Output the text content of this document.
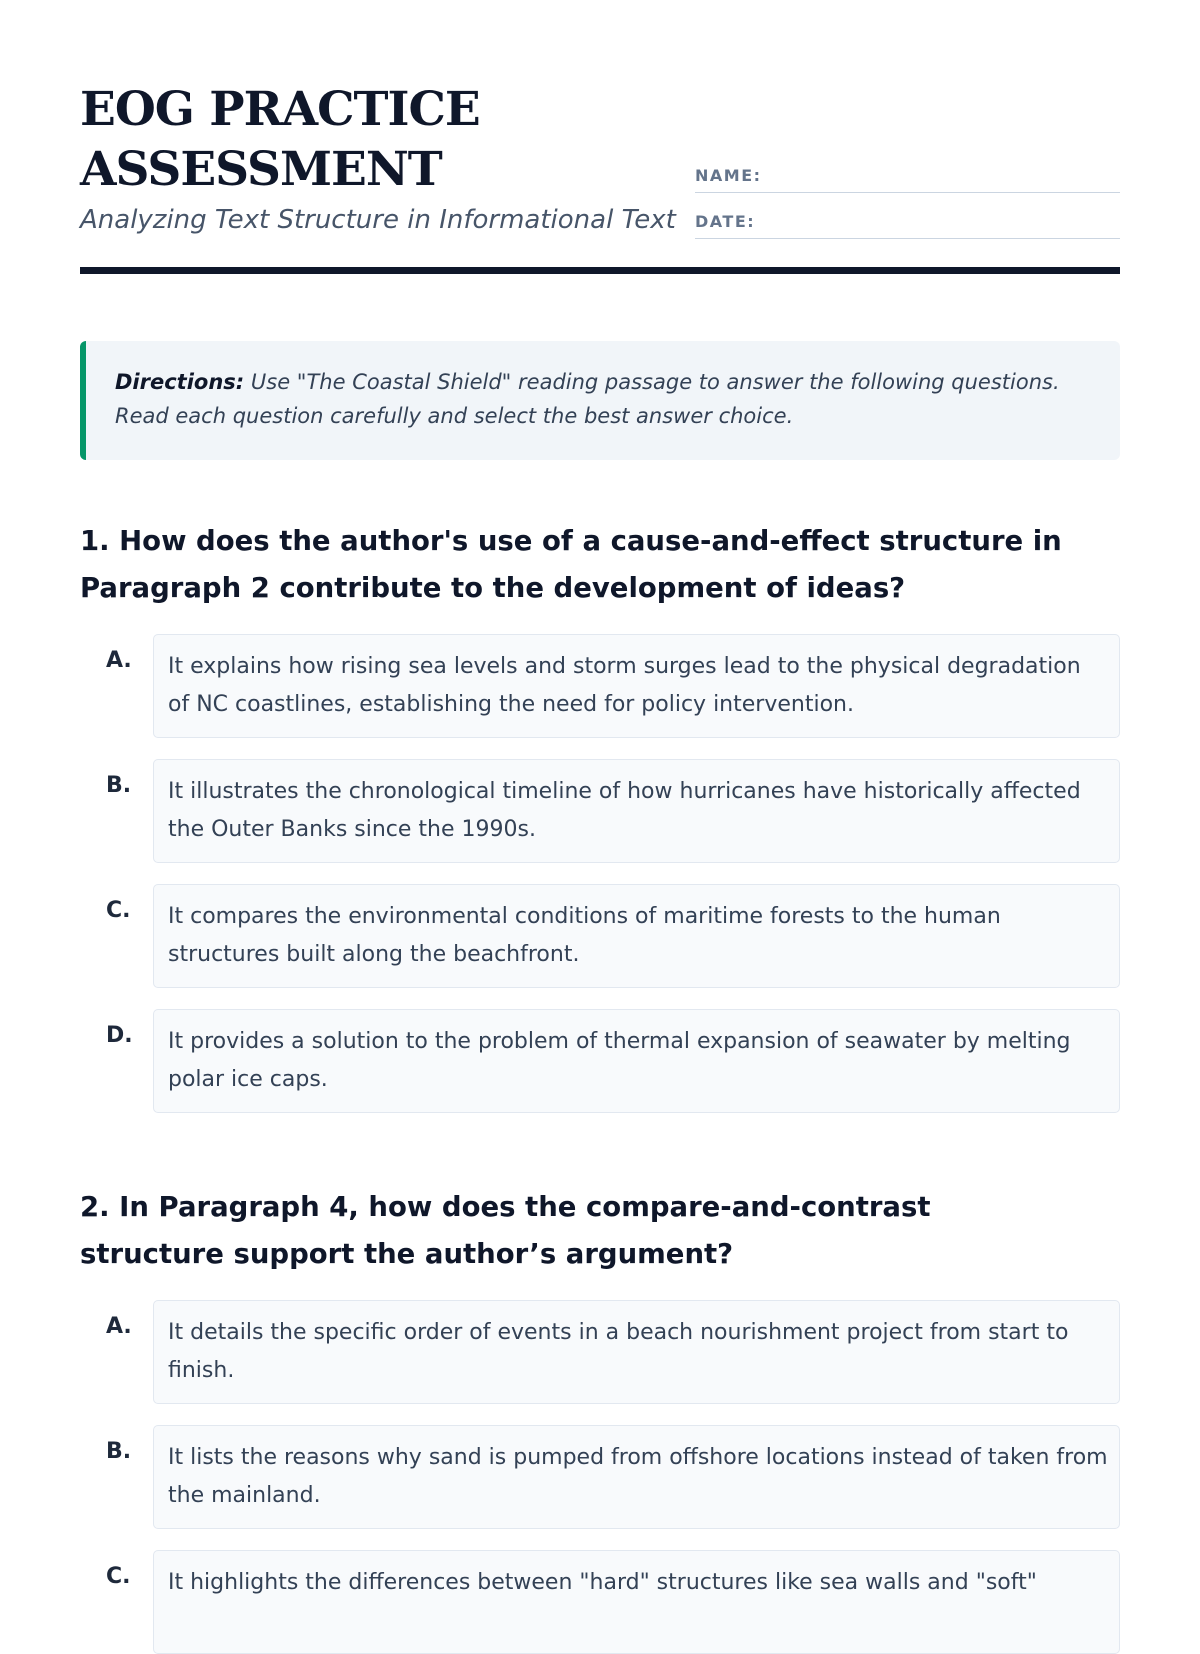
EOG PRACTICE ASSESSMENT
Analyzing Text Structure in Informational Text
NAME:
DATE:
Directions: Use "The Coastal Shield" reading passage to answer the following questions. Read each question carefully and select the best answer choice.
1. How does the author's use of a cause-and-effect structure in Paragraph 2 contribute to the development of ideas?
A. It explains how rising sea levels and storm surges lead to the physical degradation of NC coastlines, establishing the need for policy intervention.
B. It illustrates the chronological timeline of how hurricanes have historically affected the Outer Banks since the 1990s.
C. It compares the environmental conditions of maritime forests to the human structures built along the beachfront.
D. It provides a solution to the problem of thermal expansion of seawater by melting polar ice caps.
2. In Paragraph 4, how does the compare-and-contrast structure support the author’s argument?
A. It details the specific order of events in a beach nourishment project from start to finish.
B. It lists the reasons why sand is pumped from offshore locations instead of taken from the mainland.
C. It highlights the differences between "hard" structures like sea walls and "soft"
